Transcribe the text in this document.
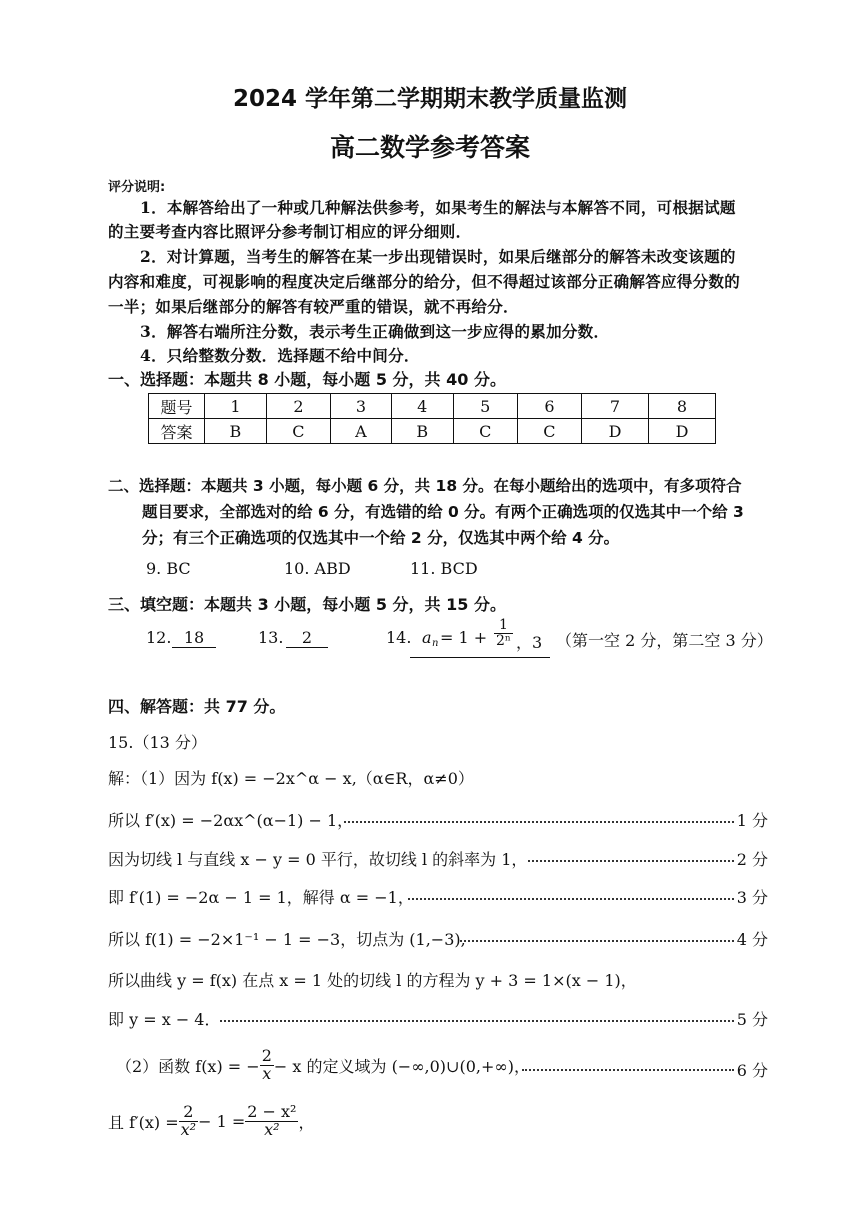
2024 学年第二学期期末教学质量监测
高二数学参考答案
评分说明:
1．本解答给出了一种或几种解法供参考，如果考生的解法与本解答不同，可根据试题
的主要考查内容比照评分参考制订相应的评分细则．
2．对计算题，当考生的解答在某一步出现错误时，如果后继部分的解答未改变该题的
内容和难度，可视影响的程度决定后继部分的给分，但不得超过该部分正确解答应得分数的
一半；如果后继部分的解答有较严重的错误，就不再给分．
3．解答右端所注分数，表示考生正确做到这一步应得的累加分数．
4．只给整数分数．选择题不给中间分．
一、选择题：本题共 8 小题，每小题 5 分，共 40 分。
题号	1	2	3	4	5	6	7	8
答案	B	C	A	B	C	C	D	D
二、选择题：本题共 3 小题，每小题 6 分，共 18 分。在每小题给出的选项中，有多项符合
题目要求，全部选对的给 6 分，有选错的给 0 分。有两个正确选项的仅选其中一个给 3
分；有三个正确选项的仅选其中一个给 2 分，仅选其中两个给 4 分。
9. BC	10. ABD	11. BCD
三、填空题：本题共 3 小题，每小题 5 分，共 15 分。
12. 18	13.	2	14. a $n = 1 + \frac{1}{\text{2ⁿ}}$ ，3 （第一空 2 分，第二空 3 分）
四、解答题：共 77 分。
15.（13 分）
解：（1）因为 f(x) = −2x^α − x,（α∈R，α≠0）
所以 f′(x) = −2αx^(α−1) − 1，	1 分
因为切线 l 与直线 x − y = 0 平行，故切线 l 的斜率为 1，	2 分
即 f′(1) = −2α − 1 = 1，解得 α = −1，	3 分
所以 f(1) = −2×1⁻¹ − 1 = −3，切点为 (1,−3),	4 分
所以曲线 y = f(x) 在点 x = 1 处的切线 l 的方程为 y + 3 = 1×(x − 1)，
即 y = x − 4．	5 分
（2）函数 f(x) = − $\frac{2}{x} - x$ 的定义域为 (−∞,0)∪(0,+∞)，	6 分
且 $f'(x) = \frac{2}{\text{x²}} - 1 = \frac{\text{2 − x²}}{\text{x²}}$ ，
